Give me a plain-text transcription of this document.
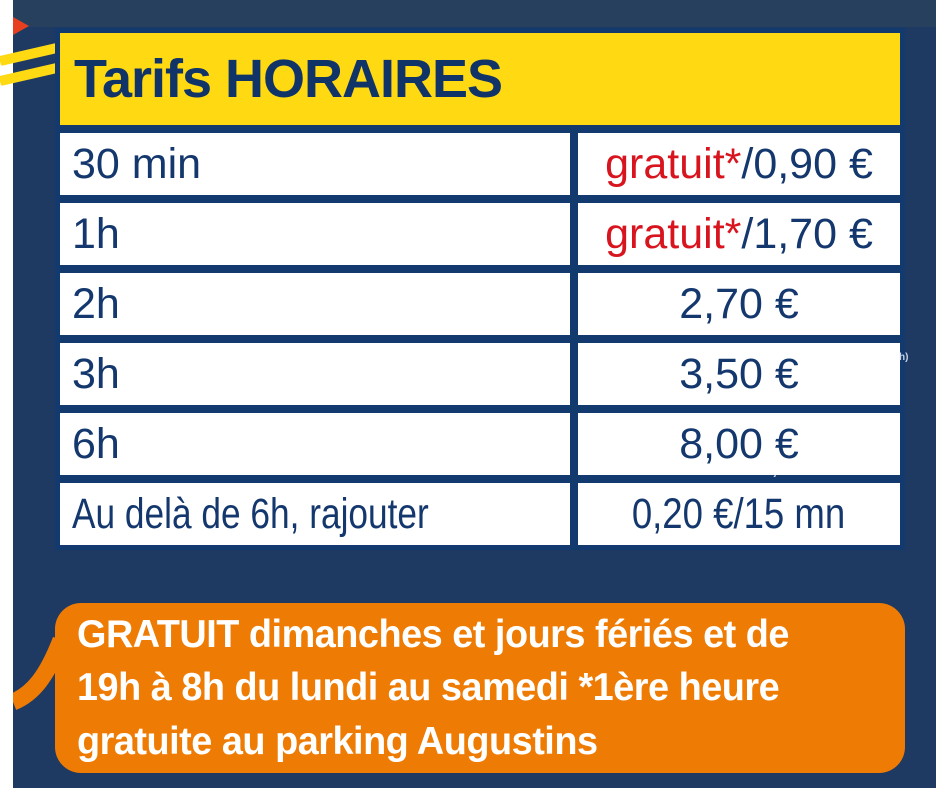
Tarifs HORAIRES
30 min	gratuit* /0,90 €
1h	gratuit* /1,70 €
2h	2,70 €
3h	3,50 €
6h	8,00 €
Au delà de 6h, rajouter	0,20 €/15 mn
GRATUIT dimanches et jours fériés et de 19h à 8h du
h)
GRATUIT dimanches et jours fériés et de 19h à 8h du lundi au samedi *1ère heure gratuite au parking Augustins
